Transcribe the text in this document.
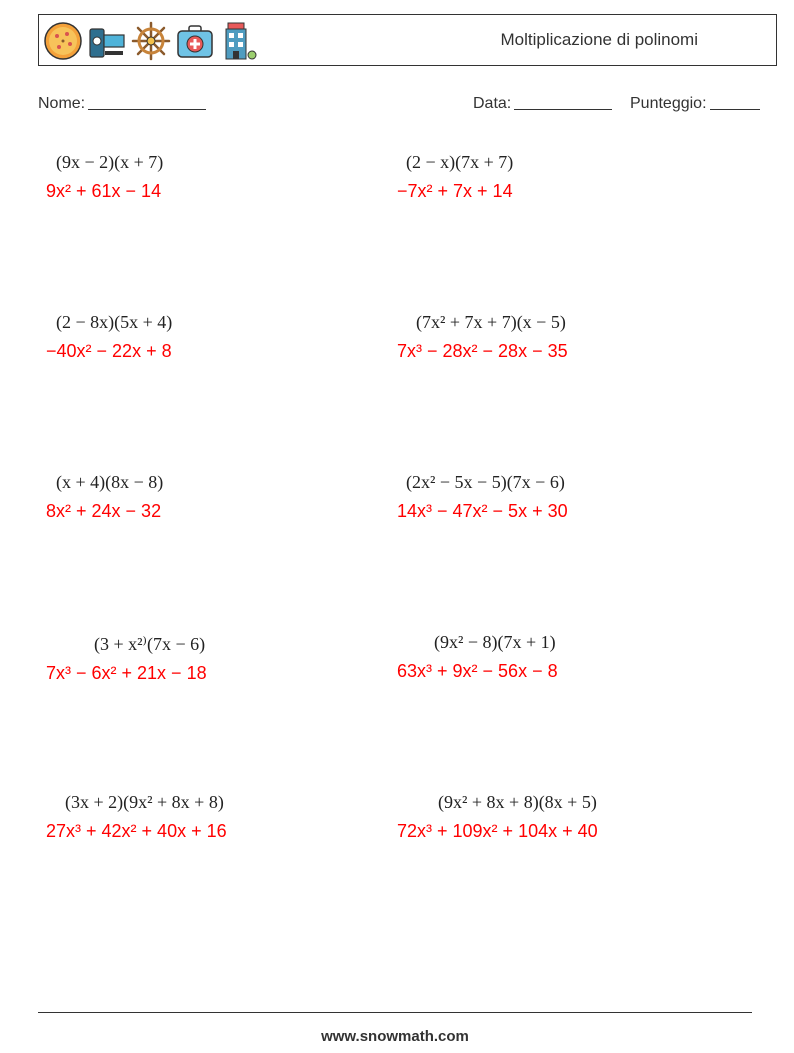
Moltiplicazione di polinomi
Nome:	Data:	Punteggio:
(9x − 2)(x + 7)
9x² + 61x − 14
(2 − x)(7x + 7)
−7x² + 7x + 14
(2 − 8x)(5x + 4)
−40x² − 22x + 8
(7x² + 7x + 7)(x − 5)
7x³ − 28x² − 28x − 35
(x + 4)(8x − 8)
8x² + 24x − 32
(2x² − 5x − 5)(7x − 6)
14x³ − 47x² − 5x + 30
(3 + x²⁾(7x − 6)
7x³ − 6x² + 21x − 18
(9x² − 8)(7x + 1)
63x³ + 9x² − 56x − 8
(3x + 2)(9x² + 8x + 8)
27x³ + 42x² + 40x + 16
(9x² + 8x + 8)(8x + 5)
72x³ + 109x² + 104x + 40
www.snowmath.com
